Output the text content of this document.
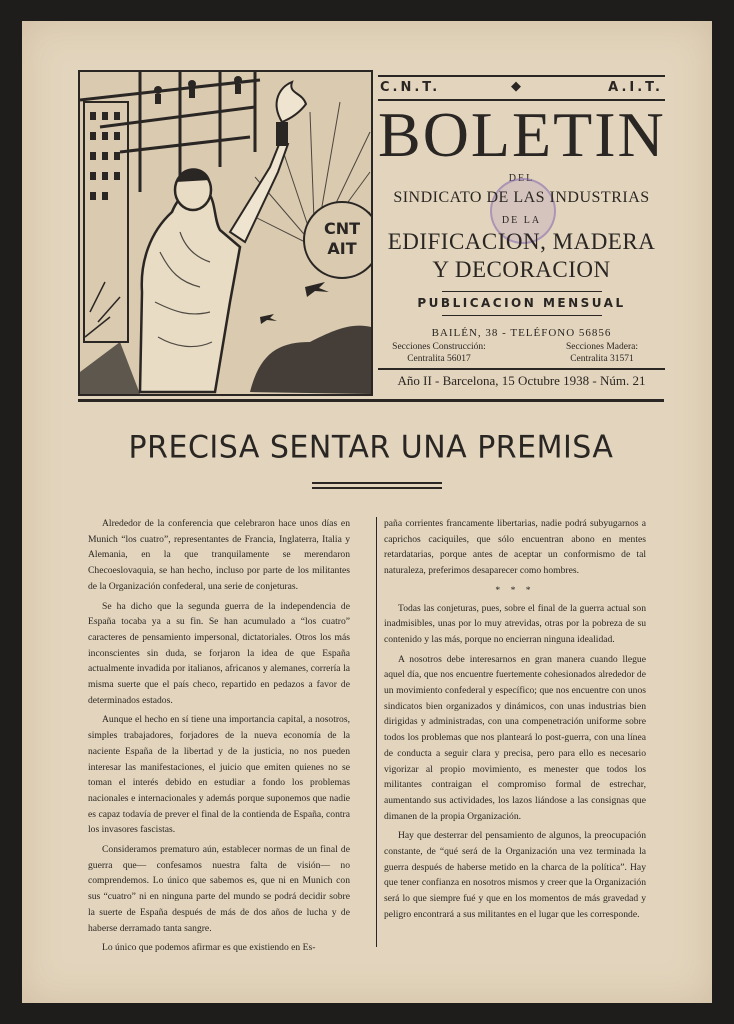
CNT
AIT
C.N.T.	◆	A.I.T.
BOLETIN
DEL
SINDICATO DE LAS INDUSTRIAS
DE LA
EDIFICACION, MADERA
Y DECORACION
PUBLICACION MENSUAL
BAILÉN, 38 - TELÉFONO 56856
Secciones Construcción:
Centralita 56017
Secciones Madera:
Centralita 31571
Año II - Barcelona, 15 Octubre 1938 - Núm. 21
PRECISA SENTAR UNA PREMISA

Alrededor de la conferencia que celebraron hace unos días en Munich “los cuatro”, representantes de Francia, Inglaterra, Italia y Alemania, en la que tranquilamente se merendaron Checoeslovaquia, se han hecho, incluso por parte de los militantes de la Organización confederal, una serie de conjeturas.

Se ha dicho que la segunda guerra de la independencia de España tocaba ya a su fin. Se han acumulado a “los cuatro” caracteres de pensamiento impersonal, dictatoriales. Otros los más inconscientes sin duda, se forjaron la idea de que España actualmente invadida por italianos, africanos y alemanes, correría la misma suerte que el país checo, repartido en pedazos a favor de determinados estados.

Aunque el hecho en sí tiene una importancia capital, a nosotros, simples trabajadores, forjadores de la nueva economía de la naciente España de la libertad y de la justicia, no nos pueden interesar las manifestaciones, el juicio que emiten quienes no se toman el interés debido en estudiar a fondo los problemas nacionales e internacionales y además porque suponemos que nadie es capaz todavía de prever el final de la contienda de España, contra los invasores fascistas.

Consideramos prematuro aún, establecer normas de un final de guerra que— confesamos nuestra falta de visión— no comprendemos. Lo único que sabemos es, que ni en Munich con sus “cuatro” ni en ninguna parte del mundo se podrá decidir sobre la suerte de España después de más de dos años de lucha y de haberse derramado tanta sangre.

Lo único que podemos afirmar es que existiendo en Es-

paña corrientes francamente libertarias, nadie podrá subyugarnos a caprichos caciquiles, que sólo encuentran abono en mentes retardatarias, porque antes de aceptar un conformismo de tal naturaleza, preferimos desaparecer como hombres.

* * *

Todas las conjeturas, pues, sobre el final de la guerra actual son inadmisibles, unas por lo muy atrevidas, otras por la pobreza de su contenido y las más, porque no encierran ninguna idealidad.

A nosotros debe interesarnos en gran manera cuando llegue aquel día, que nos encuentre fuertemente cohesionados alrededor de un movimiento confederal y específico; que nos encuentre con unos sindicatos bien organizados y dinámicos, con unas industrias bien dirigidas y administradas, con una compenetración uniforme sobre todos los problemas que nos planteará lo post-guerra, con una línea de conducta a seguir clara y precisa, pero para ello es necesario vigorizar al propio movimiento, es menester que todos los militantes contraigan el compromiso formal de estrechar, aumentando sus actividades, los lazos liándose a las consignas que dimanen de la propia Organización.

Hay que desterrar del pensamiento de algunos, la preocupación constante, de “qué será de la Organización una vez terminada la guerra después de haberse metido en la charca de la política”. Hay que tener confianza en nosotros mismos y creer que la Organización será lo que siempre fué y que en los momentos de más gravedad y peligro encontrará a sus militantes en el lugar que les corresponde.
